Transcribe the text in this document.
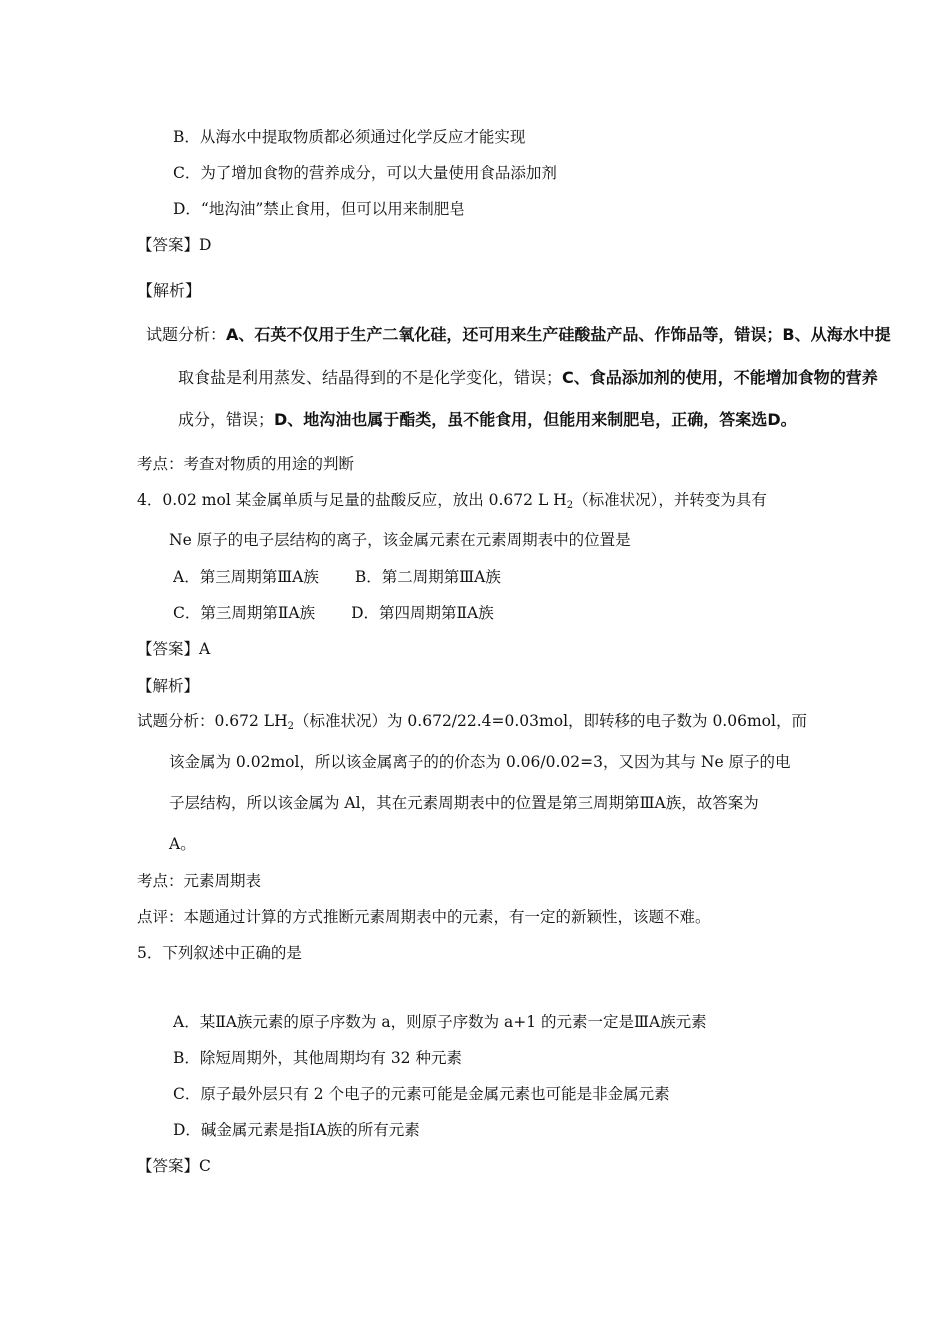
B．从海水中提取物质都必须通过化学反应才能实现
C．为了增加食物的营养成分，可以大量使用食品添加剂
D．“地沟油”禁止食用，但可以用来制肥皂
【答案】D
【解析】
试题分析：A、石英不仅用于生产二氧化硅，还可用来生产硅酸盐产品、作饰品等，错误；B、从海水中提
取食盐是利用蒸发、结晶得到的不是化学变化，错误；C、食品添加剂的使用，不能增加食物的营养
成分，错误；D、地沟油也属于酯类，虽不能食用，但能用来制肥皂，正确，答案选D。
考点：考查对物质的用途的判断
4．0.02 mol 某金属单质与足量的盐酸反应，放出 0.672 L $H_2$（标准状况），并转变为具有
Ne 原子的电子层结构的离子，该金属元素在元素周期表中的位置是
A．第三周期第ⅢA族 B．第二周期第ⅢA族
C．第三周期第ⅡA族 D．第四周期第ⅡA族
【答案】A
【解析】
试题分析：0.672 $LH_2$（标准状况）为 0.672/22.4=0.03mol，即转移的电子数为 0.06mol，而
该金属为 0.02mol，所以该金属离子的的价态为 0.06/0.02=3，又因为其与 Ne 原子的电
子层结构，所以该金属为 Al，其在元素周期表中的位置是第三周期第ⅢA族，故答案为
A。
考点：元素周期表
点评：本题通过计算的方式推断元素周期表中的元素，有一定的新颖性，该题不难。
5．下列叙述中正确的是
A．某ⅡA族元素的原子序数为 a，则原子序数为 a+1 的元素一定是ⅢA族元素
B．除短周期外，其他周期均有 32 种元素
C．原子最外层只有 2 个电子的元素可能是金属元素也可能是非金属元素
D．碱金属元素是指ⅠA族的所有元素
【答案】C
